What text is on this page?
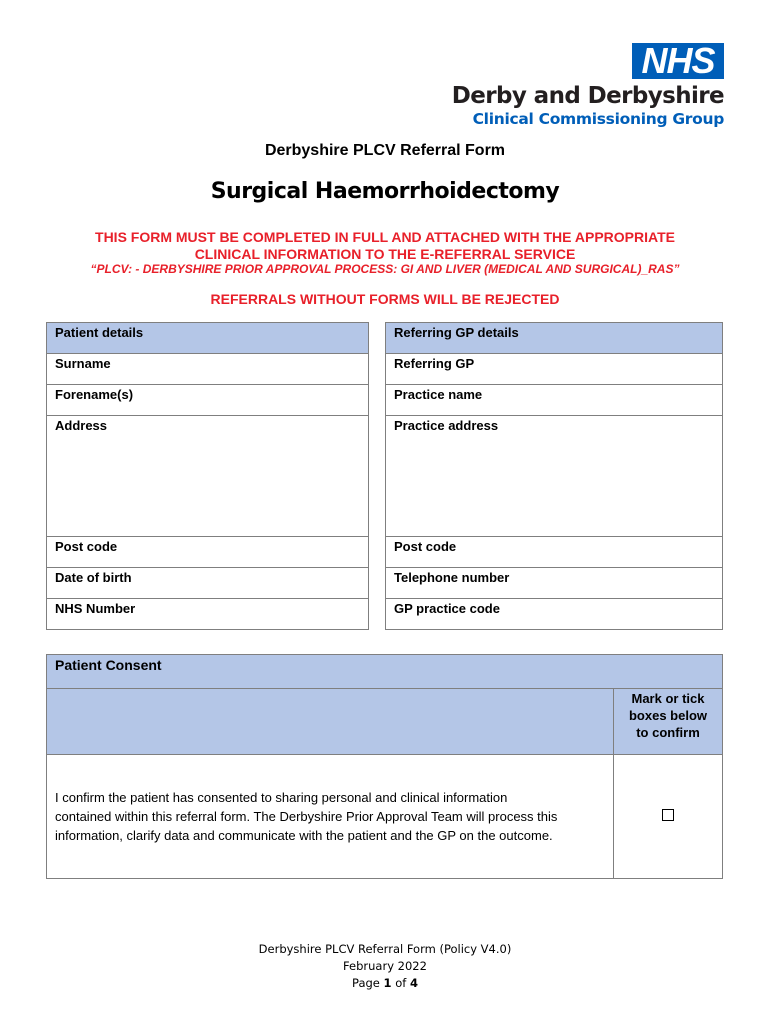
NHS
Derby and Derbyshire
Clinical Commissioning Group
Derbyshire PLCV Referral Form
Surgical Haemorrhoidectomy
THIS FORM MUST BE COMPLETED IN FULL AND ATTACHED WITH THE APPROPRIATE
CLINICAL INFORMATION TO THE E-REFERRAL SERVICE
“PLCV: - DERBYSHIRE PRIOR APPROVAL PROCESS: GI AND LIVER (MEDICAL AND SURGICAL)_RAS”
REFERRALS WITHOUT FORMS WILL BE REJECTED
Patient details
Surname
Forename(s)
Address
Post code
Date of birth
NHS Number
Referring GP details
Referring GP
Practice name
Practice address
Post code
Telephone number
GP practice code
Patient Consent	

	Mark or tick
boxes below
to confirm

I confirm the patient has consented to sharing personal and clinical information
contained within this referral form. The Derbyshire Prior Approval Team will process this
information, clarify data and communicate with the patient and the GP on the outcome.	

Derbyshire PLCV Referral Form (Policy V4.0)
February 2022
Page 1 of 4
